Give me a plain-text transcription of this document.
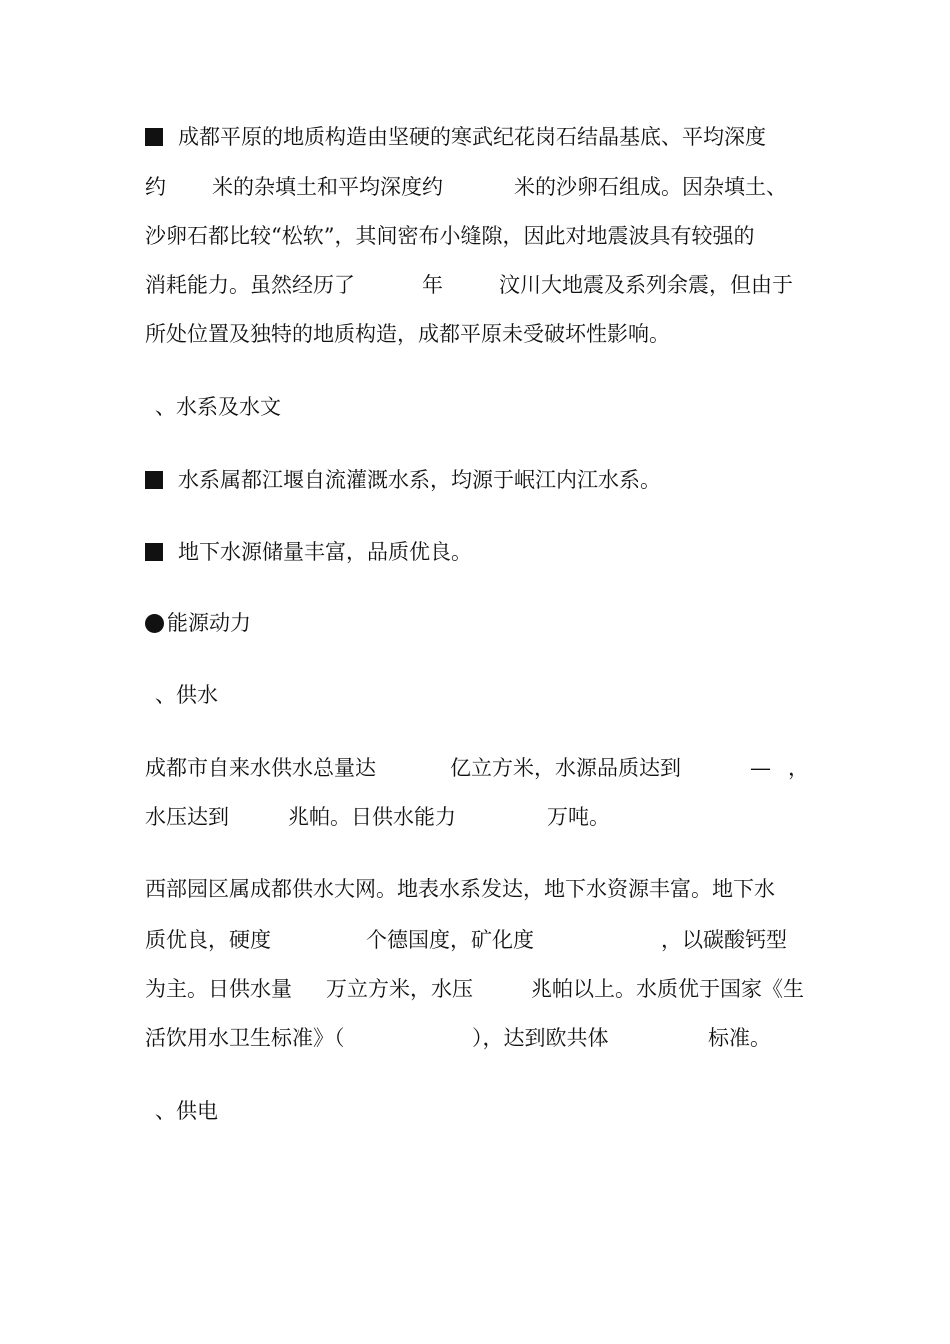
成都平原的地质构造由坚硬的寒武纪花岗石结晶基底、平均深度

约

米的杂填土和平均深度约

	米的沙卵石组成。因杂填土、

沙卵石都比较“松软”，其间密布小缝隙，因此对地震波具有较强的

消耗能力。虽然经历了

	年

	汶川大地震及系列余震，但由于

所处位置及独特的地质构造，成都平原未受破坏性影响。

、水系及水文

水系属都江堰自流灌溉水系，均源于岷江内江水系。

地下水源储量丰富，品质优良。

能源动力

、供水

成都市自来水供水总量达

	亿立方米，水源品质达到

	—

，

水压达到

	兆帕。日供水能力

	万吨。

西部园区属成都供水大网。地表水系发达，地下水资源丰富。地下水

质优良，硬度

	个德国度，矿化度

	，以碳酸钙型

为主。日供水量

万立方米，水压

	兆帕以上。水质优于国家《生

活饮用水卫生标准》（

	），达到欧共体

	标准。

、供电
